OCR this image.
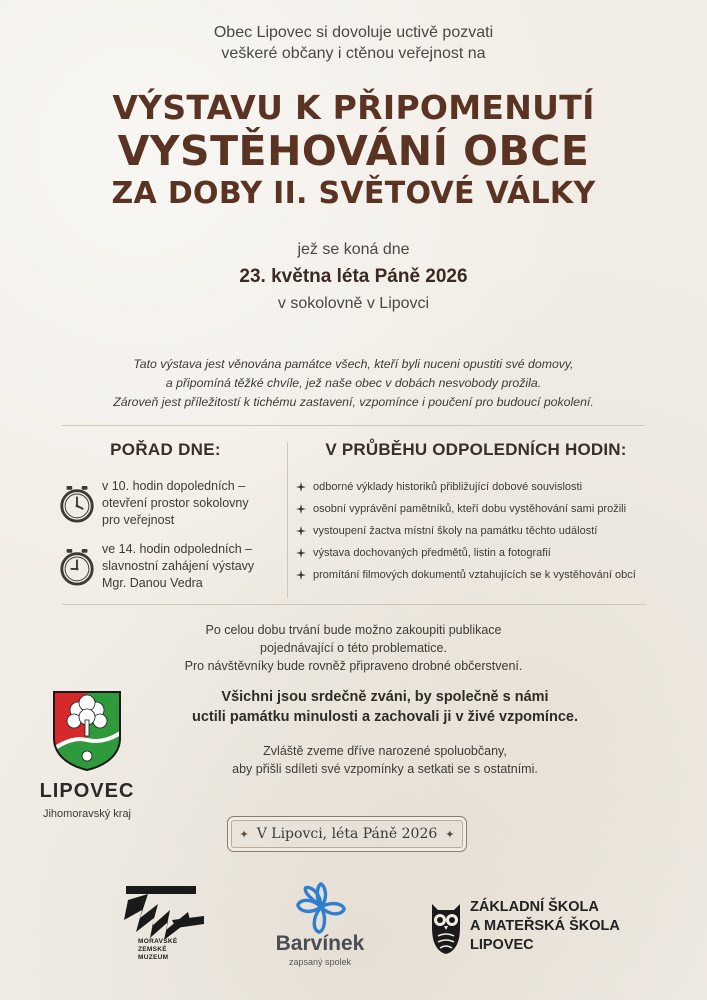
Obec Lipovec si dovoluje uctivě pozvati
veškeré občany i ctěnou veřejnost na
VÝSTAVU K PŘIPOMENUTÍ
VYSTĚHOVÁNÍ OBCE
ZA DOBY II. SVĚTOVÉ VÁLKY
jež se koná dne
23. května léta Páně 2026
v sokolovně v Lipovci
Tato výstava jest věnována památce všech, kteří byli nuceni opustiti své domovy,
a připomíná těžké chvíle, jež naše obec v dobách nesvobody prožila.
Zároveň jest příležitostí k tichému zastavení, vzpomínce i poučení pro budoucí pokolení.
POŘAD DNE:
v 10. hodin dopoledních –
otevření prostor sokolovny
pro veřejnost
ve 14. hodin odpoledních –
slavnostní zahájení výstavy
Mgr. Danou Vedra
V PRŮBĚHU ODPOLEDNÍCH HODIN:
odborné výklady historiků přibližující dobové souvislosti
osobní vyprávění pamětníků, kteří dobu vystěhování sami prožili
vystoupení žactva místní školy na památku těchto událostí
výstava dochovaných předmětů, listin a fotografií
promítání filmových dokumentů vztahujících se k vystěhování obcí
Po celou dobu trvání bude možno zakoupiti publikace
pojednávající o této problematice.
Pro návštěvníky bude rovněž připraveno drobné občerstvení.
LIPOVEC
Jihomoravský kraj
Všichni jsou srdečně zváni, by společně s námi
uctili památku minulosti a zachovali ji v živé vzpomínce.
Zvláště zveme dříve narozené spoluobčany,
aby přišli sdíleti své vzpomínky a setkati se s ostatními.
✦ V Lipovci, léta Páně 2026 ✦
MORAVSKÉ
ZEMSKÉ
MUZEUM
Barvínek
zapsaný spolek
ZÁKLADNÍ ŠKOLA
A MATEŘSKÁ ŠKOLA
LIPOVEC
